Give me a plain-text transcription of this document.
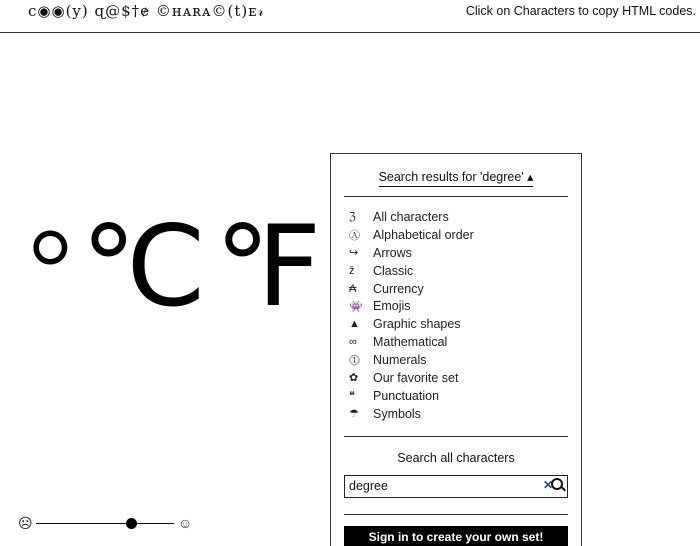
c◉◉(y) ɋ@$†ɇ ©ʜᴀʀᴀ©(t)ᴇ𝓇	Click on Characters to copy HTML codes.
°℃℉
☹	☺
Search results for 'degree' ▴
ℨ	All characters
Ⓐ	Alphabetical order
↪	Arrows
ž	Classic
₳	Currency
👾 Emojis
▲	Graphic shapes
∞	Mathematical
⓵	Numerals
✿	Our favorite set
❝	Punctuation
☂	Symbols
Search all characters
degree
✕
Sign in to create your own set!
